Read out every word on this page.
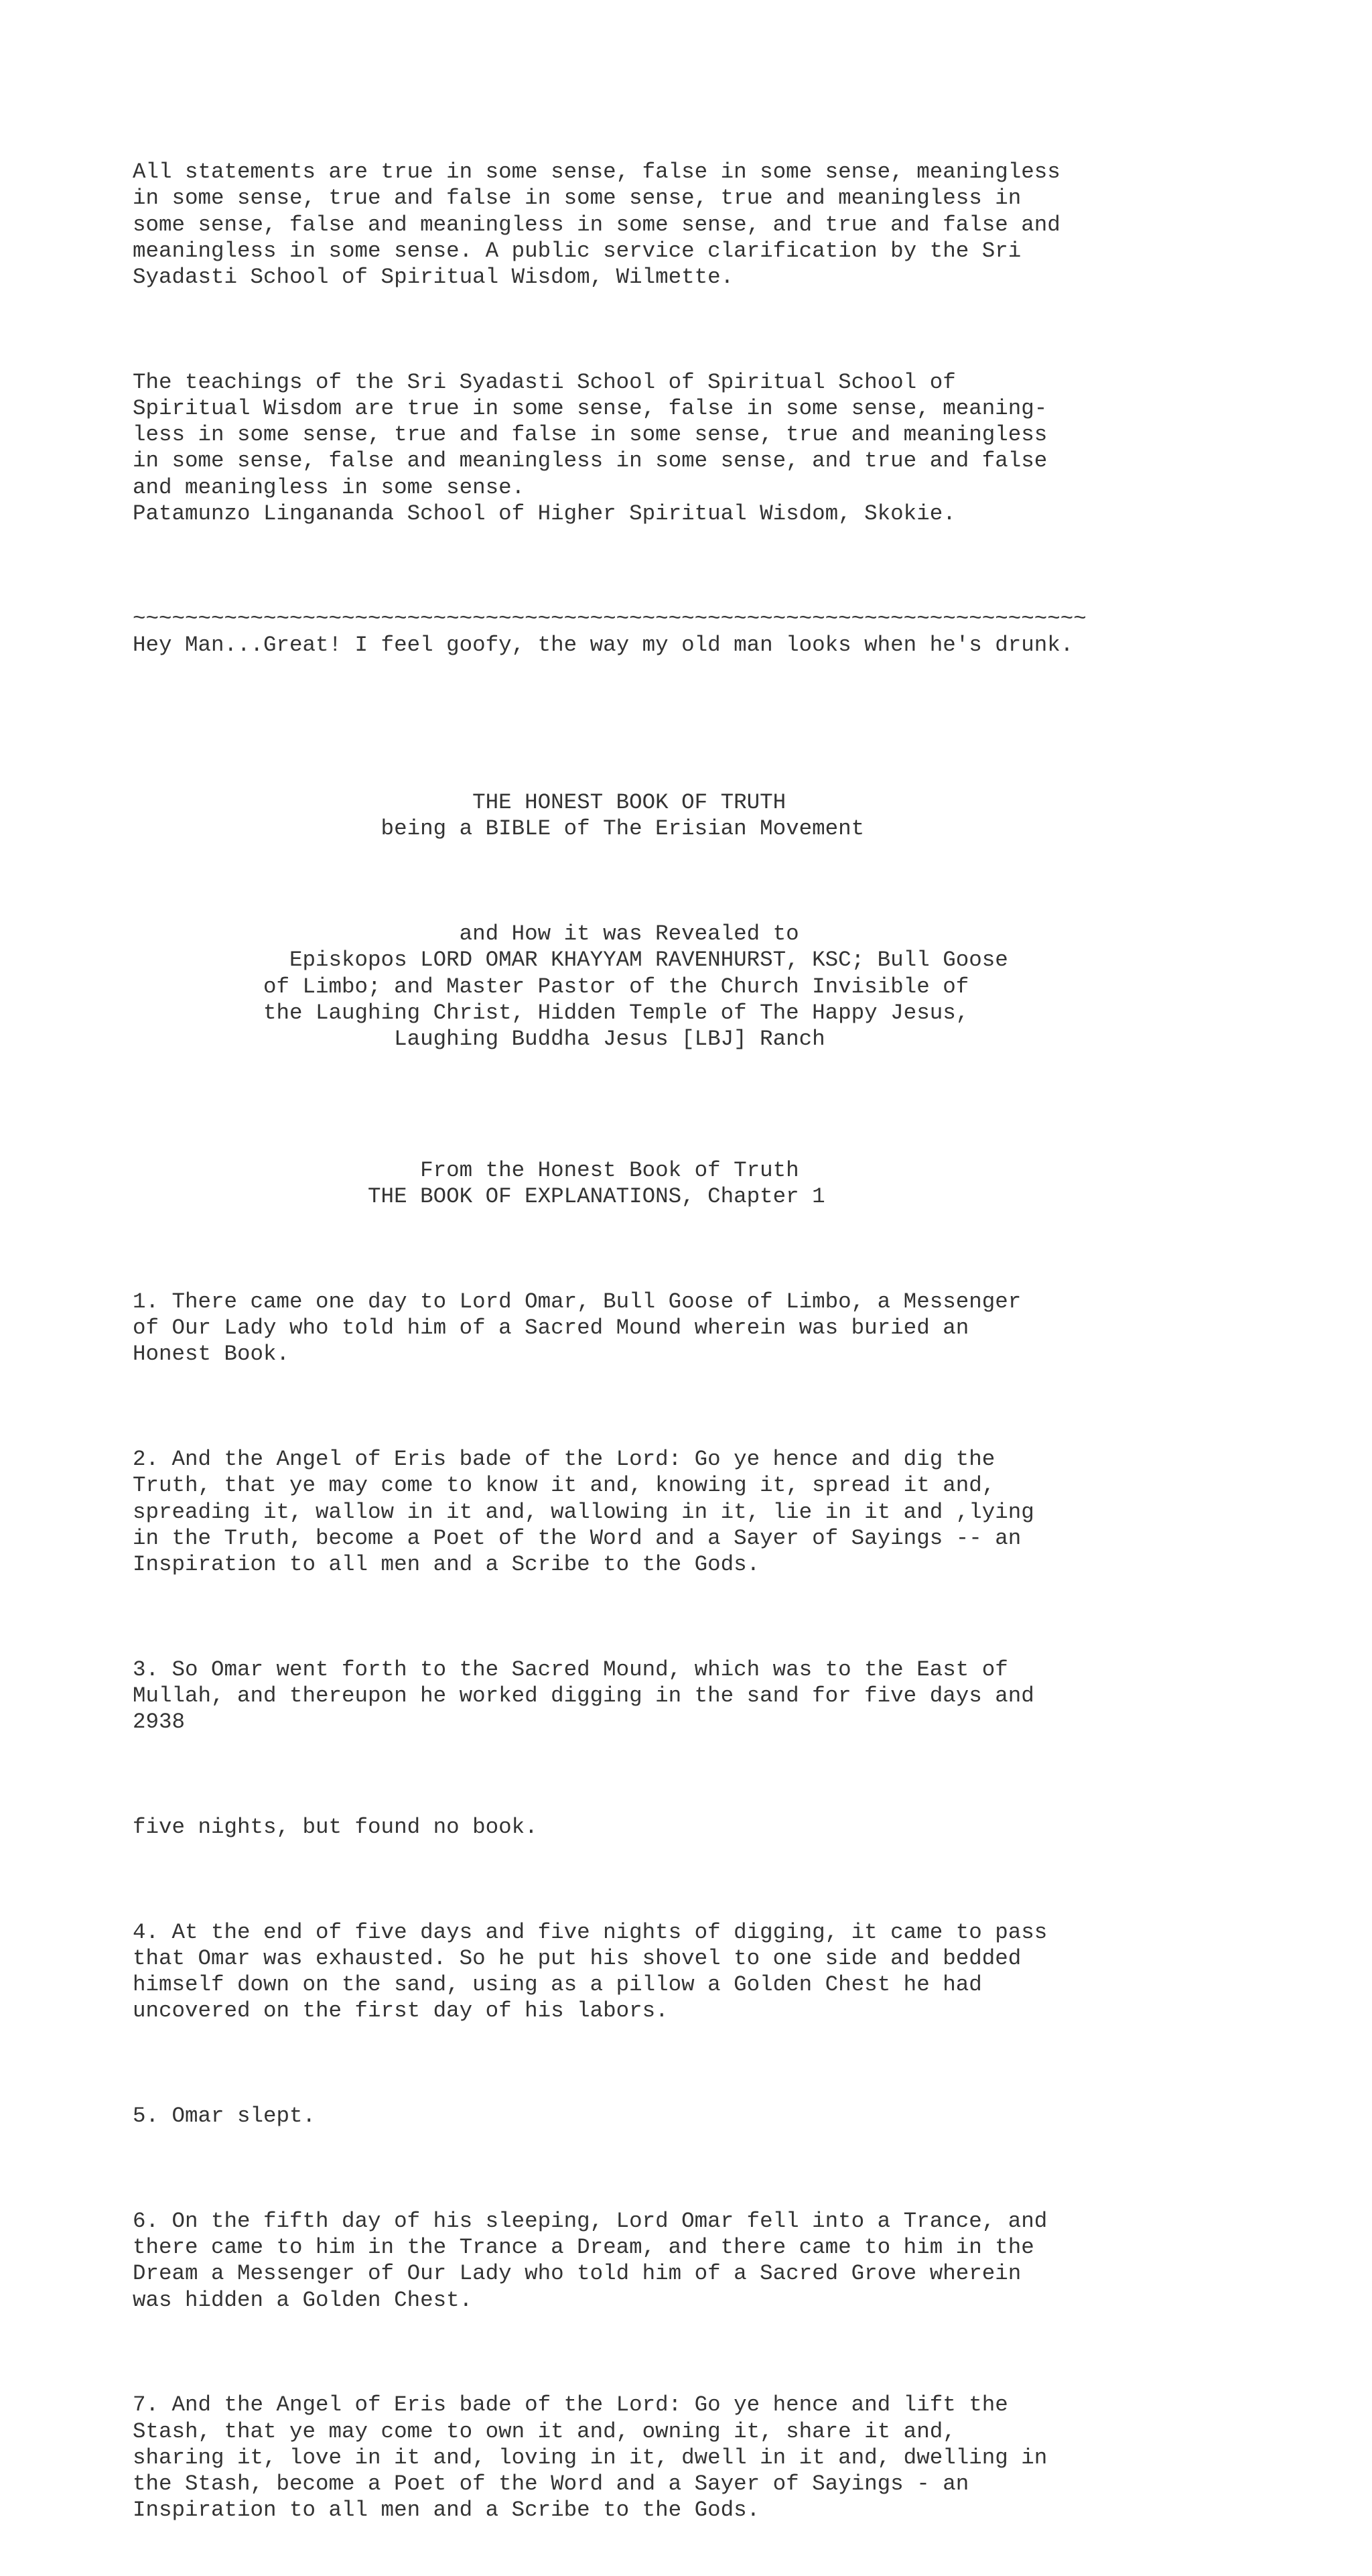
All statements are true in some sense, false in some sense, meaningless
in some sense, true and false in some sense, true and meaningless in
some sense, false and meaningless in some sense, and true and false and
meaningless in some sense. A public service clarification by the Sri
Syadasti School of Spiritual Wisdom, Wilmette.

The teachings of the Sri Syadasti School of Spiritual School of
Spiritual Wisdom are true in some sense, false in some sense, meaning-
less in some sense, true and false in some sense, true and meaningless
in some sense, false and meaningless in some sense, and true and false
and meaningless in some sense.
Patamunzo Lingananda School of Higher Spiritual Wisdom, Skokie.

~~~~~~~~~~~~~~~~~~~~~~~~~~~~~~~~~~~~~~~~~~~~~~~~~~~~~~~~~~~~~~~~~~~~~~~~~
Hey Man...Great! I feel goofy, the way my old man looks when he's drunk.

THE HONEST BOOK OF TRUTH
being a BIBLE of The Erisian Movement

and How it was Revealed to
Episkopos LORD OMAR KHAYYAM RAVENHURST, KSC; Bull Goose
of Limbo; and Master Pastor of the Church Invisible of
the Laughing Christ, Hidden Temple of The Happy Jesus,
Laughing Buddha Jesus [LBJ] Ranch

From the Honest Book of Truth
THE BOOK OF EXPLANATIONS, Chapter 1

1. There came one day to Lord Omar, Bull Goose of Limbo, a Messenger
of Our Lady who told him of a Sacred Mound wherein was buried an
Honest Book.

2. And the Angel of Eris bade of the Lord: Go ye hence and dig the
Truth, that ye may come to know it and, knowing it, spread it and,
spreading it, wallow in it and, wallowing in it, lie in it and ,lying
in the Truth, become a Poet of the Word and a Sayer of Sayings -- an
Inspiration to all men and a Scribe to the Gods.

3. So Omar went forth to the Sacred Mound, which was to the East of
Mullah, and thereupon he worked digging in the sand for five days and
2938

five nights, but found no book.

4. At the end of five days and five nights of digging, it came to pass
that Omar was exhausted. So he put his shovel to one side and bedded
himself down on the sand, using as a pillow a Golden Chest he had
uncovered on the first day of his labors.

5. Omar slept.

6. On the fifth day of his sleeping, Lord Omar fell into a Trance, and
there came to him in the Trance a Dream, and there came to him in the
Dream a Messenger of Our Lady who told him of a Sacred Grove wherein
was hidden a Golden Chest.

7. And the Angel of Eris bade of the Lord: Go ye hence and lift the
Stash, that ye may come to own it and, owning it, share it and,
sharing it, love in it and, loving in it, dwell in it and, dwelling in
the Stash, become a Poet of the Word and a Sayer of Sayings - an
Inspiration to all men and a Scribe to the Gods.
